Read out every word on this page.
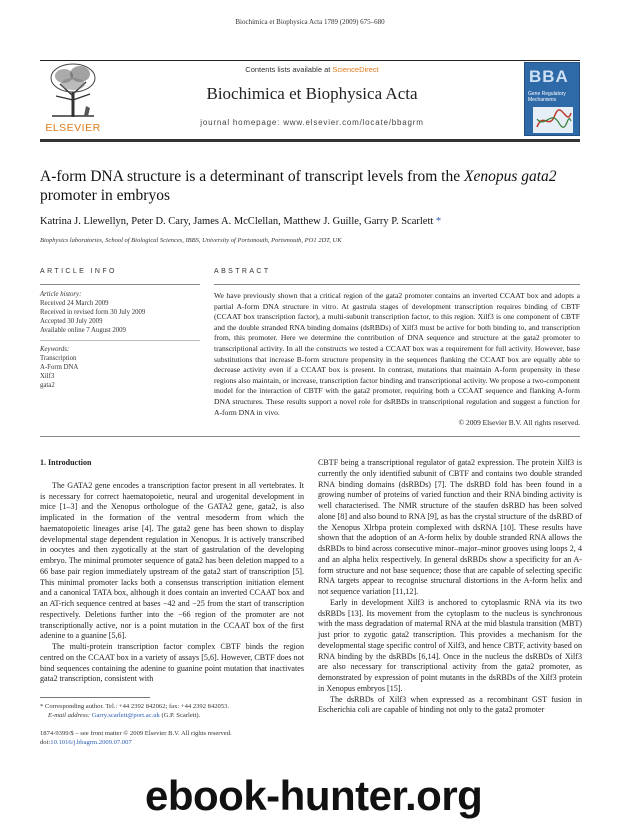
Biochimica et Biophysica Acta 1789 (2009) 675–680
ELSEVIER
Contents lists available at ScienceDirect
Biochimica et Biophysica Acta
journal homepage: www.elsevier.com/locate/bbagrm
BBA
Gene Regulatory Mechanisms
A-form DNA structure is a determinant of transcript levels from the Xenopus gata2 promoter in embryos
Katrina J. Llewellyn, Peter D. Cary, James A. McClellan, Matthew J. Guille, Garry P. Scarlett *
Biophysics laboratories, School of Biological Sciences, IBBS, University of Portsmouth, Portsmouth, PO1 2DT, UK
ARTICLE INFO	ABSTRACT
Article history:
Received 24 March 2009
Received in revised form 30 July 2009
Accepted 30 July 2009
Available online 7 August 2009
Keywords:
Transcription
A-Form DNA
Xilf3
gata2
We have previously shown that a critical region of the gata2 promoter contains an inverted CCAAT box and adopts a partial A-form DNA structure in vitro. At gastrula stages of development transcription requires binding of CBTF (CCAAT box transcription factor), a multi-subunit transcription factor, to this region. Xilf3 is one component of CBTF and the double stranded RNA binding domains (dsRBDs) of Xilf3 must be active for both binding to, and transcription from, this promoter. Here we determine the contribution of DNA sequence and structure at the gata2 promoter to transcriptional activity. In all the constructs we tested a CCAAT box was a requirement for full activity. However, base substitutions that increase B-form structure propensity in the sequences flanking the CCAAT box are equally able to decrease activity even if a CCAAT box is present. In contrast, mutations that maintain A-form propensity in these regions also maintain, or increase, transcription factor binding and transcriptional activity. We propose a two-component model for the interaction of CBTF with the gata2 promoter, requiring both a CCAAT sequence and flanking A-form DNA structures. These results support a novel role for dsRBDs in transcriptional regulation and suggest a function for A-form DNA in vivo.
© 2009 Elsevier B.V. All rights reserved.
1. Introduction

The GATA2 gene encodes a transcription factor present in all vertebrates. It is necessary for correct haematopoietic, neural and urogenital development in mice [1–3] and the Xenopus orthologue of the GATA2 gene, gata2, is also implicated in the formation of the ventral mesoderm from which the haematopoietic lineages arise [4]. The gata2 gene has been shown to display developmental stage dependent regulation in Xenopus. It is actively transcribed in oocytes and then zygotically at the start of gastrulation of the developing embryo. The minimal promoter sequence of gata2 has been deletion mapped to a 66 base pair region immediately upstream of the gata2 start of transcription [5]. This minimal promoter lacks both a consensus transcription initiation element and a canonical TATA box, although it does contain an inverted CCAAT box and an AT-rich sequence centred at bases −42 and −25 from the start of transcription respectively. Deletions further into the −66 region of the promoter are not transcriptionally active, nor is a point mutation in the CCAAT box of the first adenine to a guanine [5,6].

The multi-protein transcription factor complex CBTF binds the region centred on the CCAAT box in a variety of assays [5,6]. However, CBTF does not bind sequences containing the adenine to guanine point mutation that inactivates gata2 transcription, consistent with

CBTF being a transcriptional regulator of gata2 expression. The protein Xilf3 is currently the only identified subunit of CBTF and contains two double stranded RNA binding domains (dsRBDs) [7]. The dsRBD fold has been found in a growing number of proteins of varied function and their RNA binding activity is well characterised. The NMR structure of the staufen dsRBD has been solved alone [8] and also bound to RNA [9], as has the crystal structure of the dsRBD of the Xenopus Xlrbpa protein complexed with dsRNA [10]. These results have shown that the adoption of an A-form helix by double stranded RNA allows the dsRBDs to bind across consecutive minor–major–minor grooves using loops 2, 4 and an alpha helix respectively. In general dsRBDs show a specificity for an A-form structure and not base sequence; those that are capable of selecting specific RNA targets appear to recognise structural distortions in the A-form helix and not sequence variation [11,12].

Early in development Xilf3 is anchored to cytoplasmic RNA via its two dsRBDs [13]. Its movement from the cytoplasm to the nucleus is synchronous with the mass degradation of maternal RNA at the mid blastula transition (MBT) just prior to zygotic gata2 transcription. This provides a mechanism for the developmental stage specific control of Xilf3, and hence CBTF, activity based on RNA binding by the dsRBDs [6,14]. Once in the nucleus the dsRBDs of Xilf3 are also necessary for transcriptional activity from the gata2 promoter, as demonstrated by expression of point mutants in the dsRBDs of the Xilf3 protein in Xenopus embryos [15].

The dsRBDs of Xilf3 when expressed as a recombinant GST fusion in Escherichia coli are capable of binding not only to the gata2 promoter

* Corresponding author. Tel.: +44 2392 842062; fax: +44 2392 842053.
E-mail address: Garry.scarlett@port.ac.uk (G.P. Scarlett).
1874-9399/$ – see front matter © 2009 Elsevier B.V. All rights reserved.
doi:10.1016/j.bbagrm.2009.07.007
ebook-hunter.org
